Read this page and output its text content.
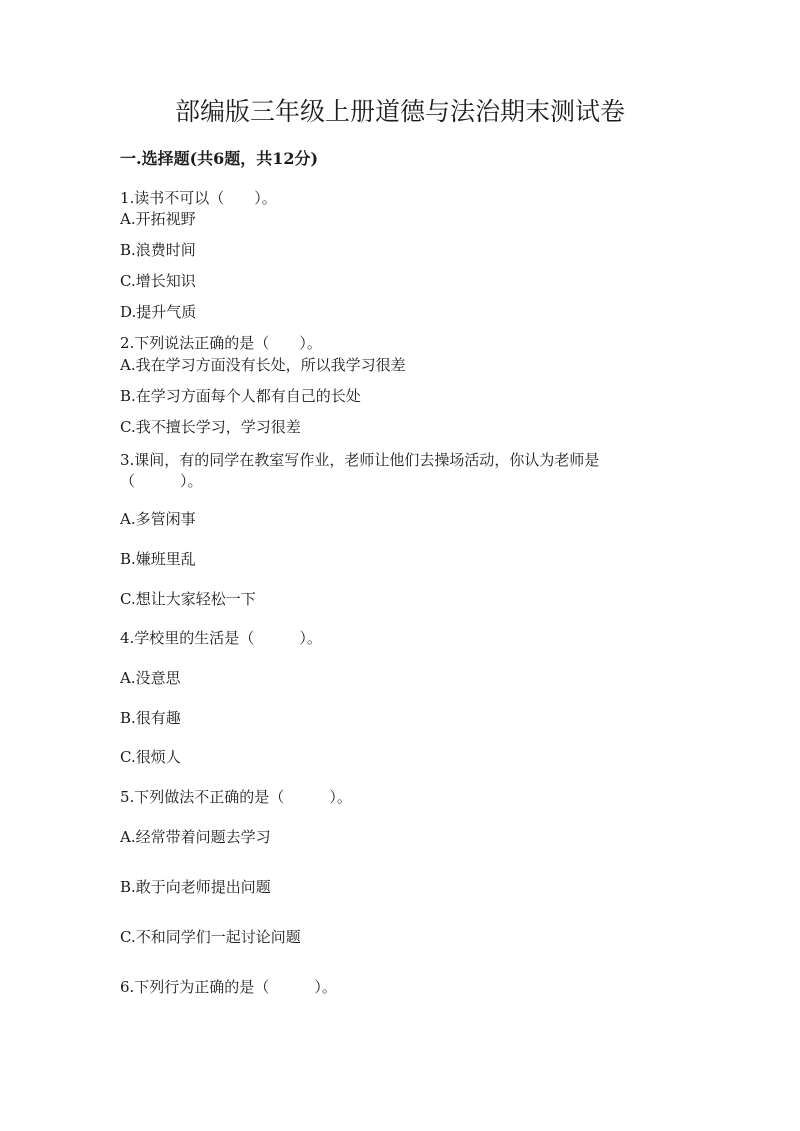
部编版三年级上册道德与法治期末测试卷
一.选择题(共6题，共12分)
1.读书不可以（　　）。
A.开拓视野
B.浪费时间
C.增长知识
D.提升气质
2.下列说法正确的是（　　）。
A.我在学习方面没有长处，所以我学习很差
B.在学习方面每个人都有自己的长处
C.我不擅长学习，学习很差
3.课间，有的同学在教室写作业，老师让他们去操场活动，你认为老师是
（　　　）。
A.多管闲事
B.嫌班里乱
C.想让大家轻松一下
4.学校里的生活是（　　　）。
A.没意思
B.很有趣
C.很烦人
5.下列做法不正确的是（　　　）。
A.经常带着问题去学习
B.敢于向老师提出问题
C.不和同学们一起讨论问题
6.下列行为正确的是（　　　）。
